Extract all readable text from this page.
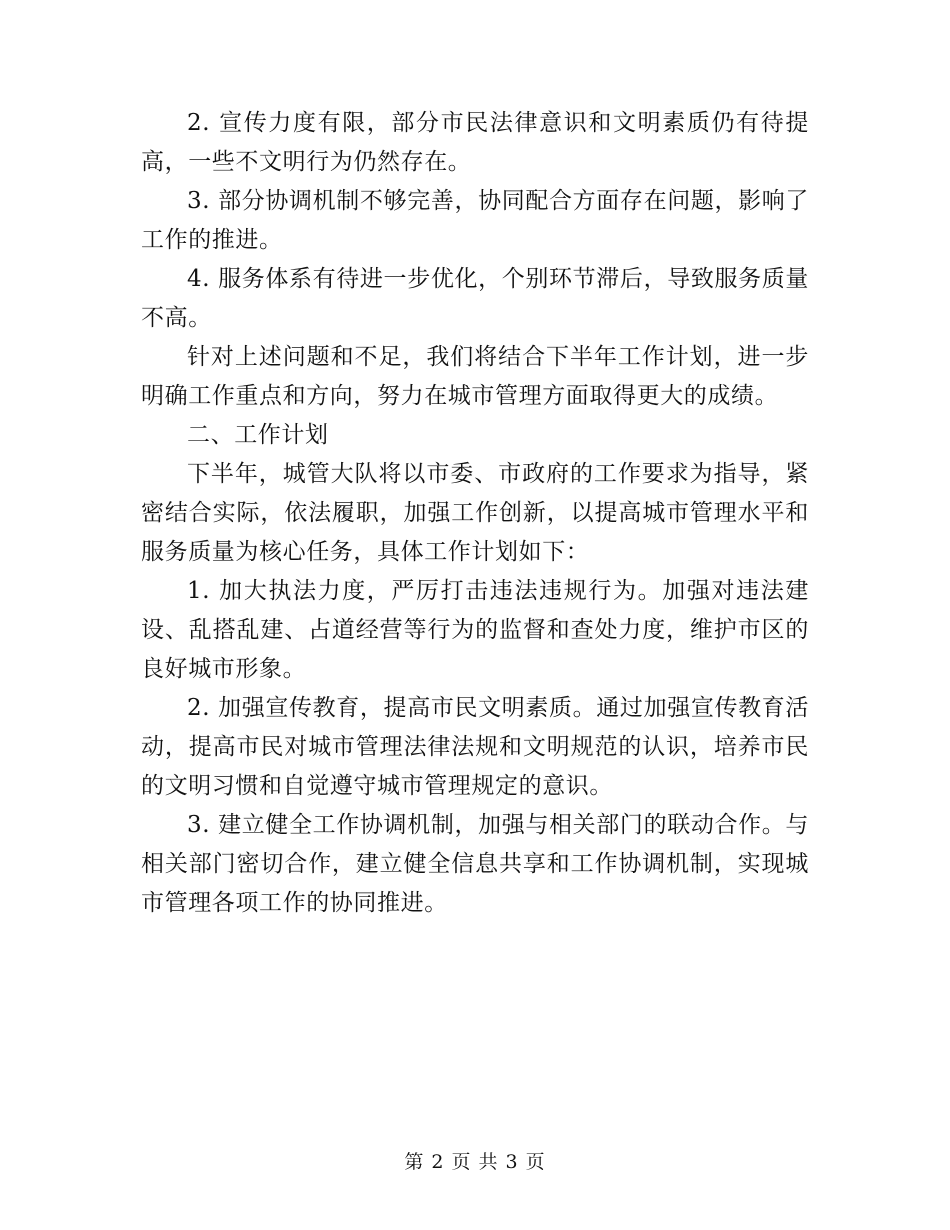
2. 宣传力度有限，部分市民法律意识和文明素质仍有待提高，一些不文明行为仍然存在。

3. 部分协调机制不够完善，协同配合方面存在问题，影响了工作的推进。

4. 服务体系有待进一步优化，个别环节滞后，导致服务质量不高。

针对上述问题和不足，我们将结合下半年工作计划，进一步明确工作重点和方向，努力在城市管理方面取得更大的成绩。

二、工作计划

下半年，城管大队将以市委、市政府的工作要求为指导，紧密结合实际，依法履职，加强工作创新，以提高城市管理水平和服务质量为核心任务，具体工作计划如下：

1. 加大执法力度，严厉打击违法违规行为。加强对违法建设、乱搭乱建、占道经营等行为的监督和查处力度，维护市区的良好城市形象。

2. 加强宣传教育，提高市民文明素质。通过加强宣传教育活动，提高市民对城市管理法律法规和文明规范的认识，培养市民的文明习惯和自觉遵守城市管理规定的意识。

3. 建立健全工作协调机制，加强与相关部门的联动合作。与相关部门密切合作，建立健全信息共享和工作协调机制，实现城市管理各项工作的协同推进。

第 2 页 共 3 页
